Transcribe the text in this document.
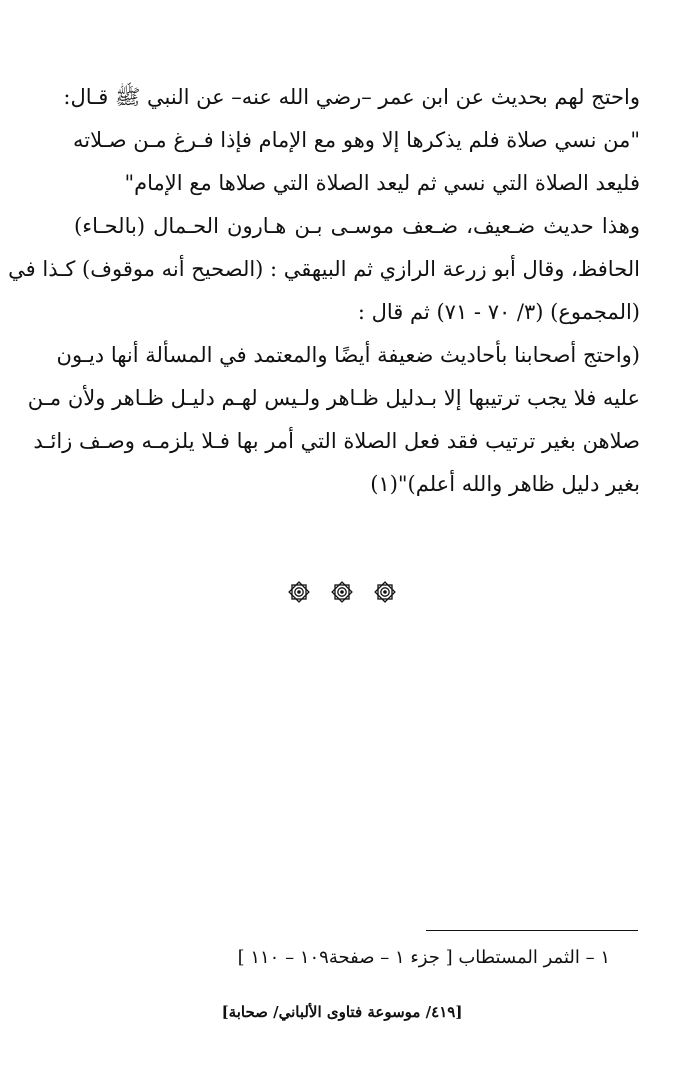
واحتج لهم بحديث عن ابن عمر –رضي الله عنه– عن النبي ﷺ قـال:
"من نسي صلاة فلم يذكرها إلا وهو مع الإمام فإذا فـرغ مـن صـلاته
فليعد الصلاة التي نسي ثم ليعد الصلاة التي صلاها مع الإمام"
وهذا حديث ضـعيف، ضـعف موسـى بـن هـارون الحـمال (بالحـاء)
الحافظ، وقال أبو زرعة الرازي ثم البيهقي : (الصحيح أنه موقوف) كـذا في
(المجموع) (٣/ ٧٠ - ٧١) ثم قال :
(واحتج أصحابنا بأحاديث ضعيفة أيضًا والمعتمد في المسألة أنها ديـون
عليه فلا يجب ترتيبها إلا بـدليل ظـاهر ولـيس لهـم دليـل ظـاهر ولأن مـن
صلاهن بغير ترتيب فقد فعل الصلاة التي أمر بها فـلا يلزمـه وصـف زائـد
بغير دليل ظاهر والله أعلم)"(١)

١ – الثمر المستطاب [ جزء ١ – صفحة١٠٩ – ١١٠ ]
[٤١٩/ موسوعة فتاوى الألباني/ صحابة]
